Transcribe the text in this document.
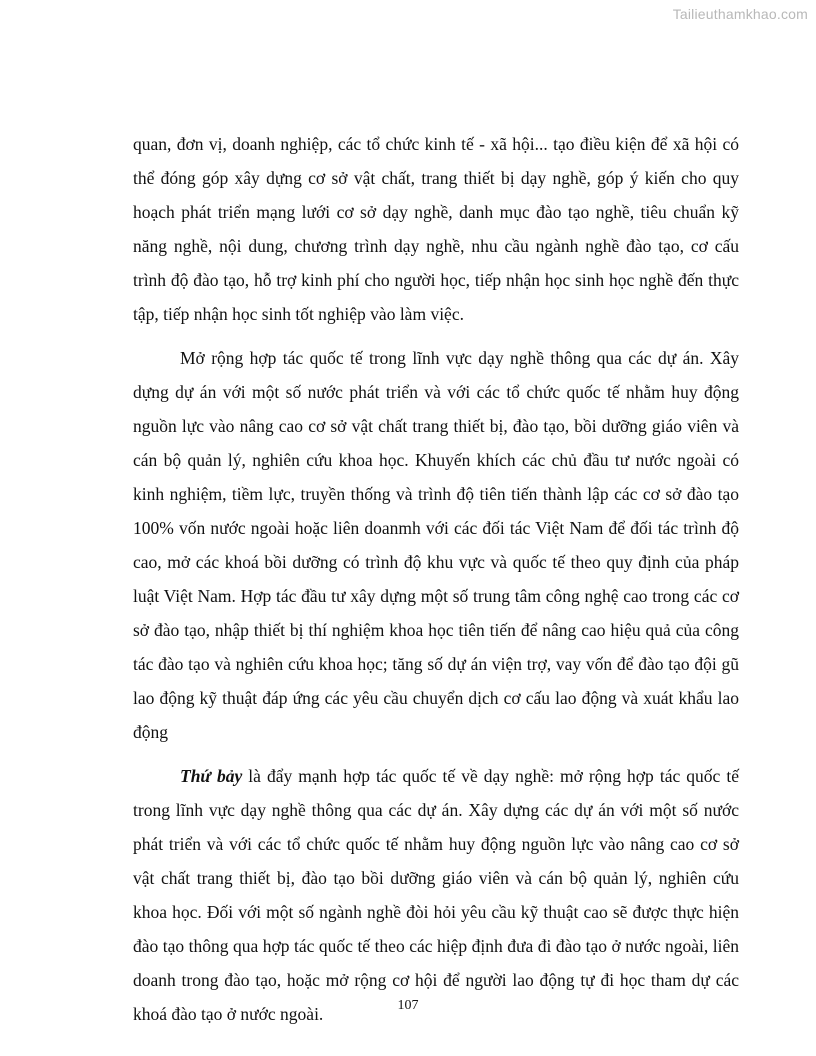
Tailieuthamkhao.com

quan, đơn vị, doanh nghiệp, các tổ chức kinh tế - xã hội... tạo điều kiện để xã hội có thể đóng góp xây dựng cơ sở vật chất, trang thiết bị dạy nghề, góp ý kiến cho quy hoạch phát triển mạng lưới cơ sở dạy nghề, danh mục đào tạo nghề, tiêu chuẩn kỹ năng nghề, nội dung, chương trình dạy nghề, nhu cầu ngành nghề đào tạo, cơ cấu trình độ đào tạo, hỗ trợ kinh phí cho người học, tiếp nhận học sinh học nghề đến thực tập, tiếp nhận học sinh tốt nghiệp vào làm việc.

Mở rộng hợp tác quốc tế trong lĩnh vực dạy nghề thông qua các dự án. Xây dựng dự án với một số nước phát triển và với các tổ chức quốc tế nhằm huy động nguồn lực vào nâng cao cơ sở vật chất trang thiết bị, đào tạo, bồi dưỡng giáo viên và cán bộ quản lý, nghiên cứu khoa học. Khuyến khích các chủ đầu tư nước ngoài có kinh nghiệm, tiềm lực, truyền thống và trình độ tiên tiến thành lập các cơ sở đào tạo 100% vốn nước ngoài hoặc liên doanmh với các đối tác Việt Nam để đối tác trình độ cao, mở các khoá bồi dưỡng có trình độ khu vực và quốc tế theo quy định của pháp luật Việt Nam. Hợp tác đầu tư xây dựng một số trung tâm công nghệ cao trong các cơ sở đào tạo, nhập thiết bị thí nghiệm khoa học tiên tiến để nâng cao hiệu quả của công tác đào tạo và nghiên cứu khoa học; tăng số dự án viện trợ, vay vốn để đào tạo đội gũ lao động kỹ thuật đáp ứng các yêu cầu chuyển dịch cơ cấu lao động và xuát khẩu lao động

Thứ bảy là đẩy mạnh hợp tác quốc tế về dạy nghề: mở rộng hợp tác quốc tế trong lĩnh vực dạy nghề thông qua các dự án. Xây dựng các dự án với một số nước phát triển và với các tổ chức quốc tế nhằm huy động nguồn lực vào nâng cao cơ sở vật chất trang thiết bị, đào tạo bồi dưỡng giáo viên và cán bộ quản lý, nghiên cứu khoa học. Đối với một số ngành nghề đòi hỏi yêu cầu kỹ thuật cao sẽ được thực hiện đào tạo thông qua hợp tác quốc tế theo các hiệp định đưa đi đào tạo ở nước ngoài, liên doanh trong đào tạo, hoặc mở rộng cơ hội để người lao động tự đi học tham dự các khoá đào tạo ở nước ngoài.	107
